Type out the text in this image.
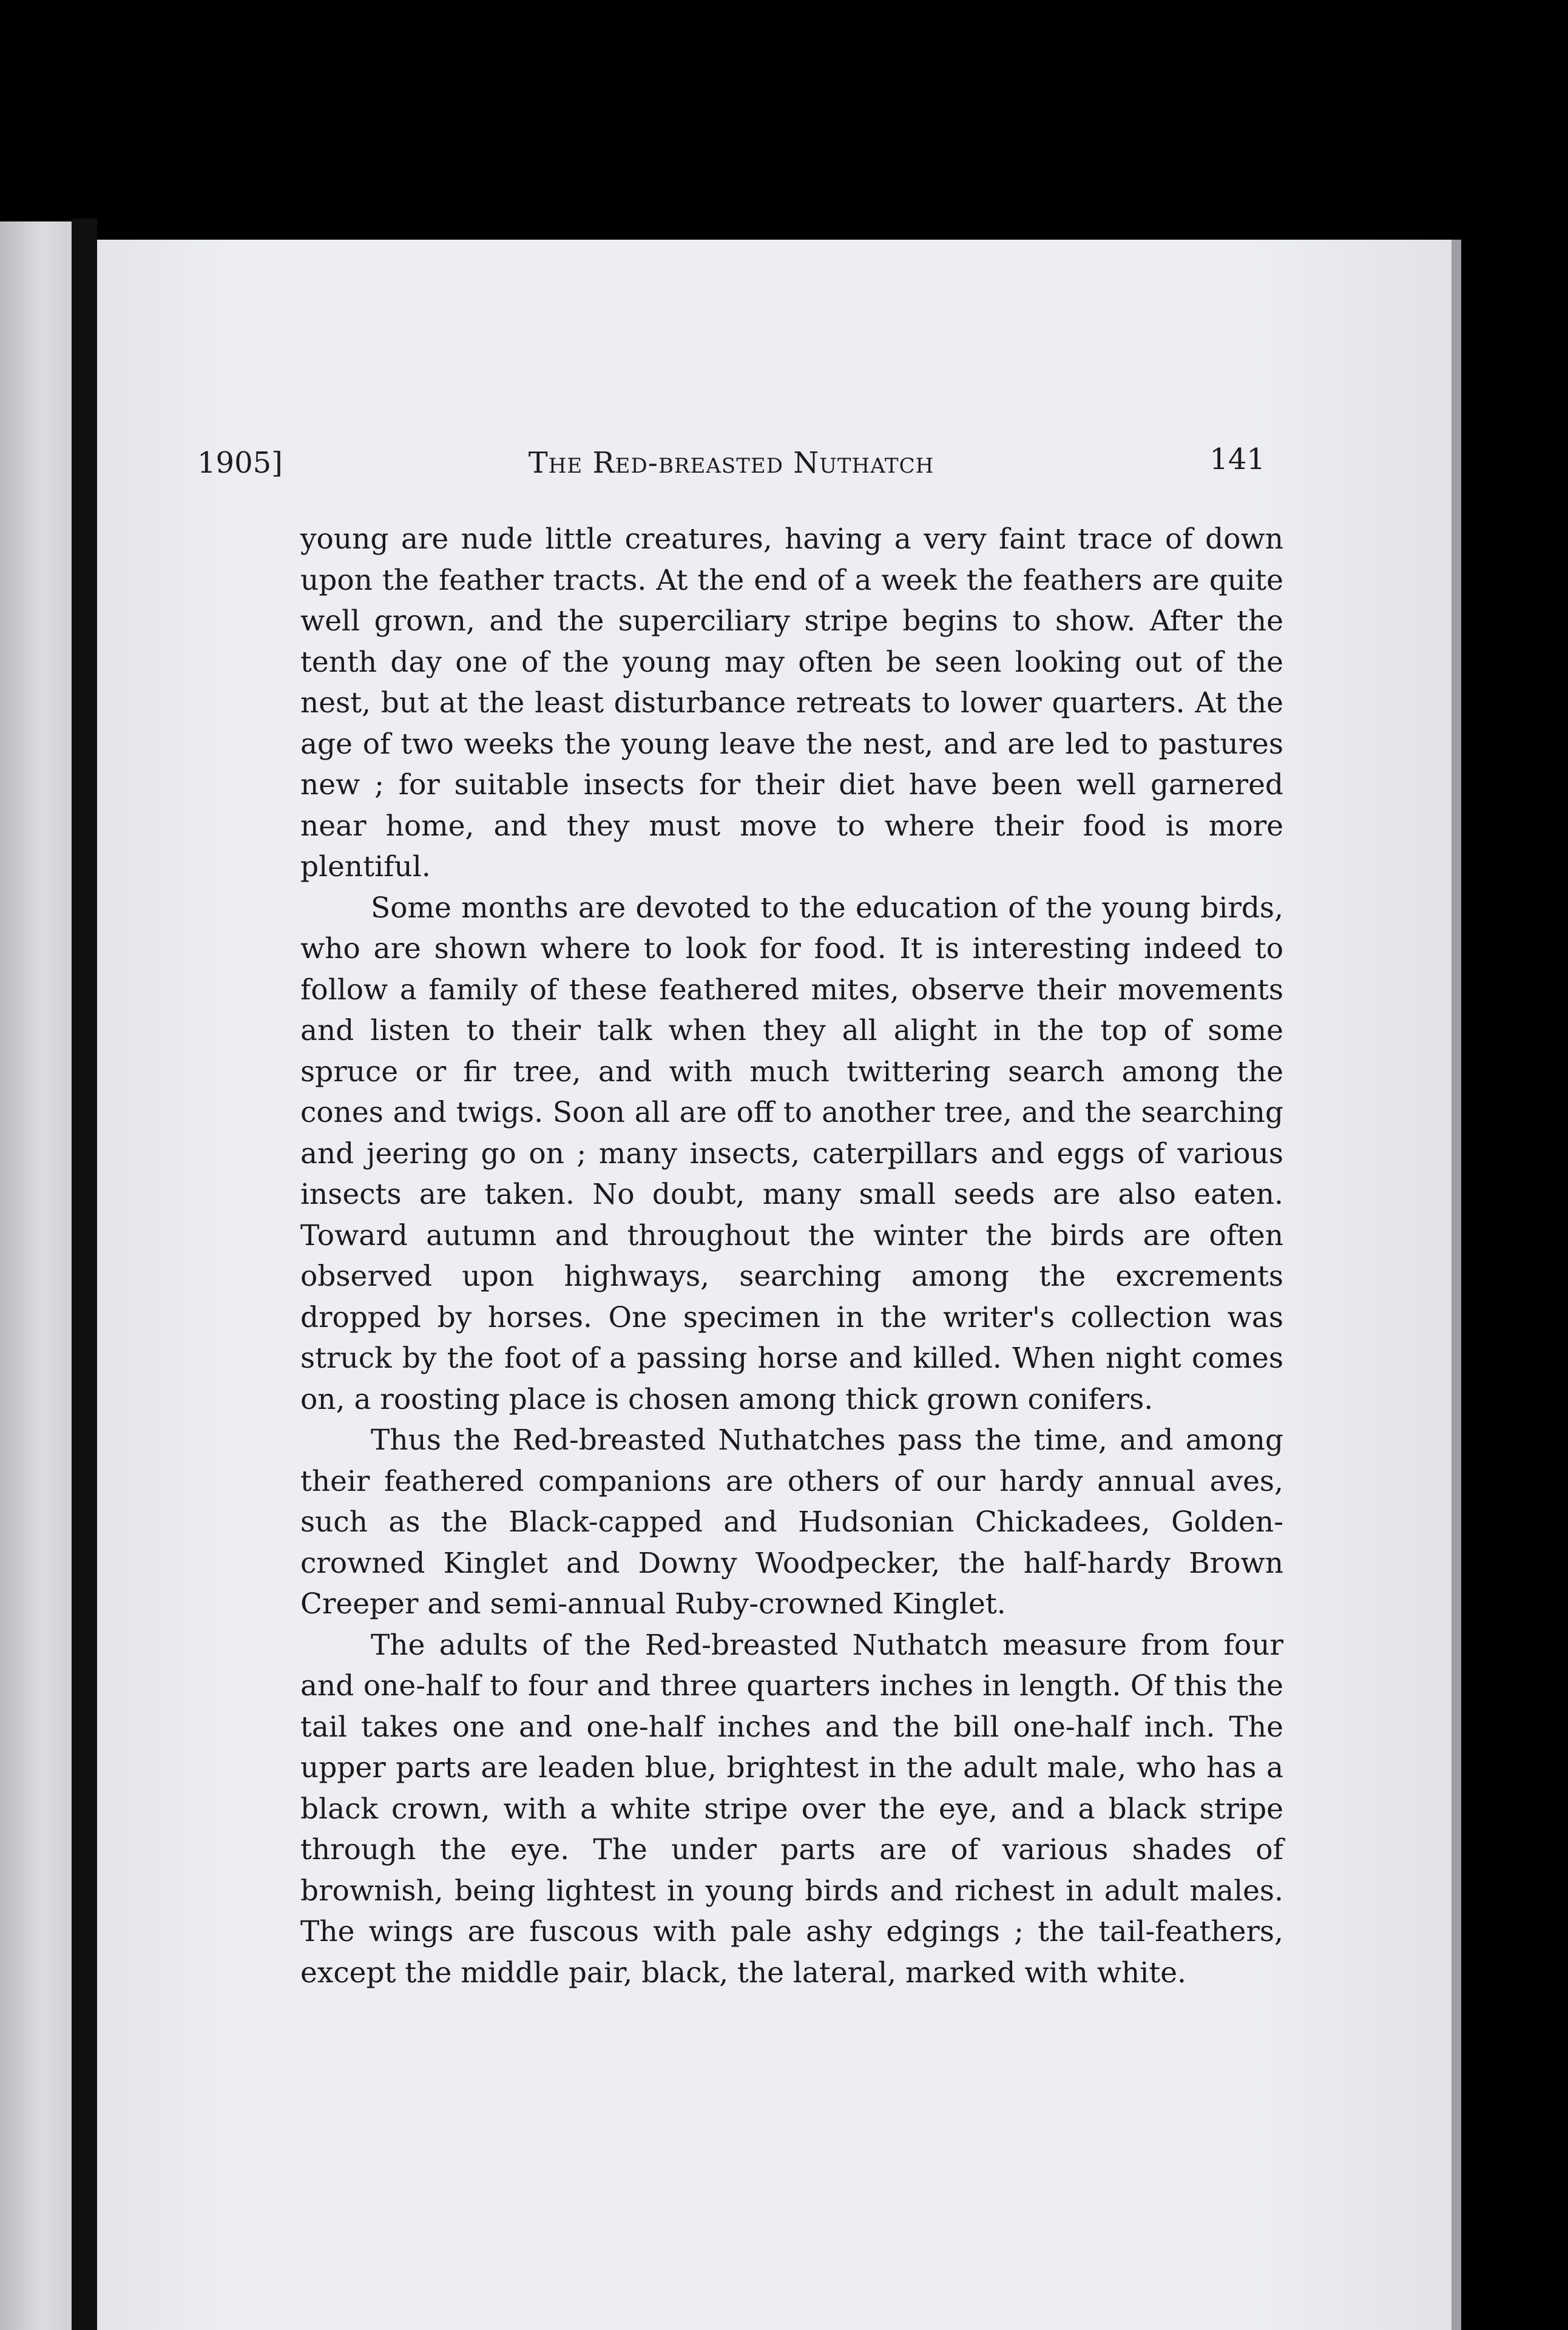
1905]	The Red-breasted Nuthatch	141

young are nude little creatures, having a very faint trace of down upon the feather tracts. At the end of a week the feathers are quite well grown, and the superciliary stripe begins to show. After the tenth day one of the young may often be seen looking out of the nest, but at the least disturbance retreats to lower quarters. At the age of two weeks the young leave the nest, and are led to pastures new ; for suitable insects for their diet have been well garnered near home, and they must move to where their food is more plentiful.

Some months are devoted to the education of the young birds, who are shown where to look for food. It is interesting indeed to follow a family of these feathered mites, observe their movements and listen to their talk when they all alight in the top of some spruce or fir tree, and with much twittering search among the cones and twigs. Soon all are off to another tree, and the searching and jeering go on ; many insects, caterpillars and eggs of various insects are taken. No doubt, many small seeds are also eaten. Toward autumn and throughout the winter the birds are often observed upon highways, searching among the excrements dropped by horses. One specimen in the writer's collection was struck by the foot of a passing horse and killed. When night comes on, a roosting place is chosen among thick grown conifers.

Thus the Red-breasted Nuthatches pass the time, and among their feathered companions are others of our hardy annual aves, such as the Black-capped and Hudsonian Chickadees, Golden-crowned Kinglet and Downy Woodpecker, the half-hardy Brown Creeper and semi-annual Ruby-crowned Kinglet.

The adults of the Red-breasted Nuthatch measure from four and one-half to four and three quarters inches in length. Of this the tail takes one and one-half inches and the bill one-half inch. The upper parts are leaden blue, brightest in the adult male, who has a black crown, with a white stripe over the eye, and a black stripe through the eye. The under parts are of various shades of brownish, being lightest in young birds and richest in adult males. The wings are fuscous with pale ashy edgings ; the tail-feathers, except the middle pair, black, the lateral, marked with white.
